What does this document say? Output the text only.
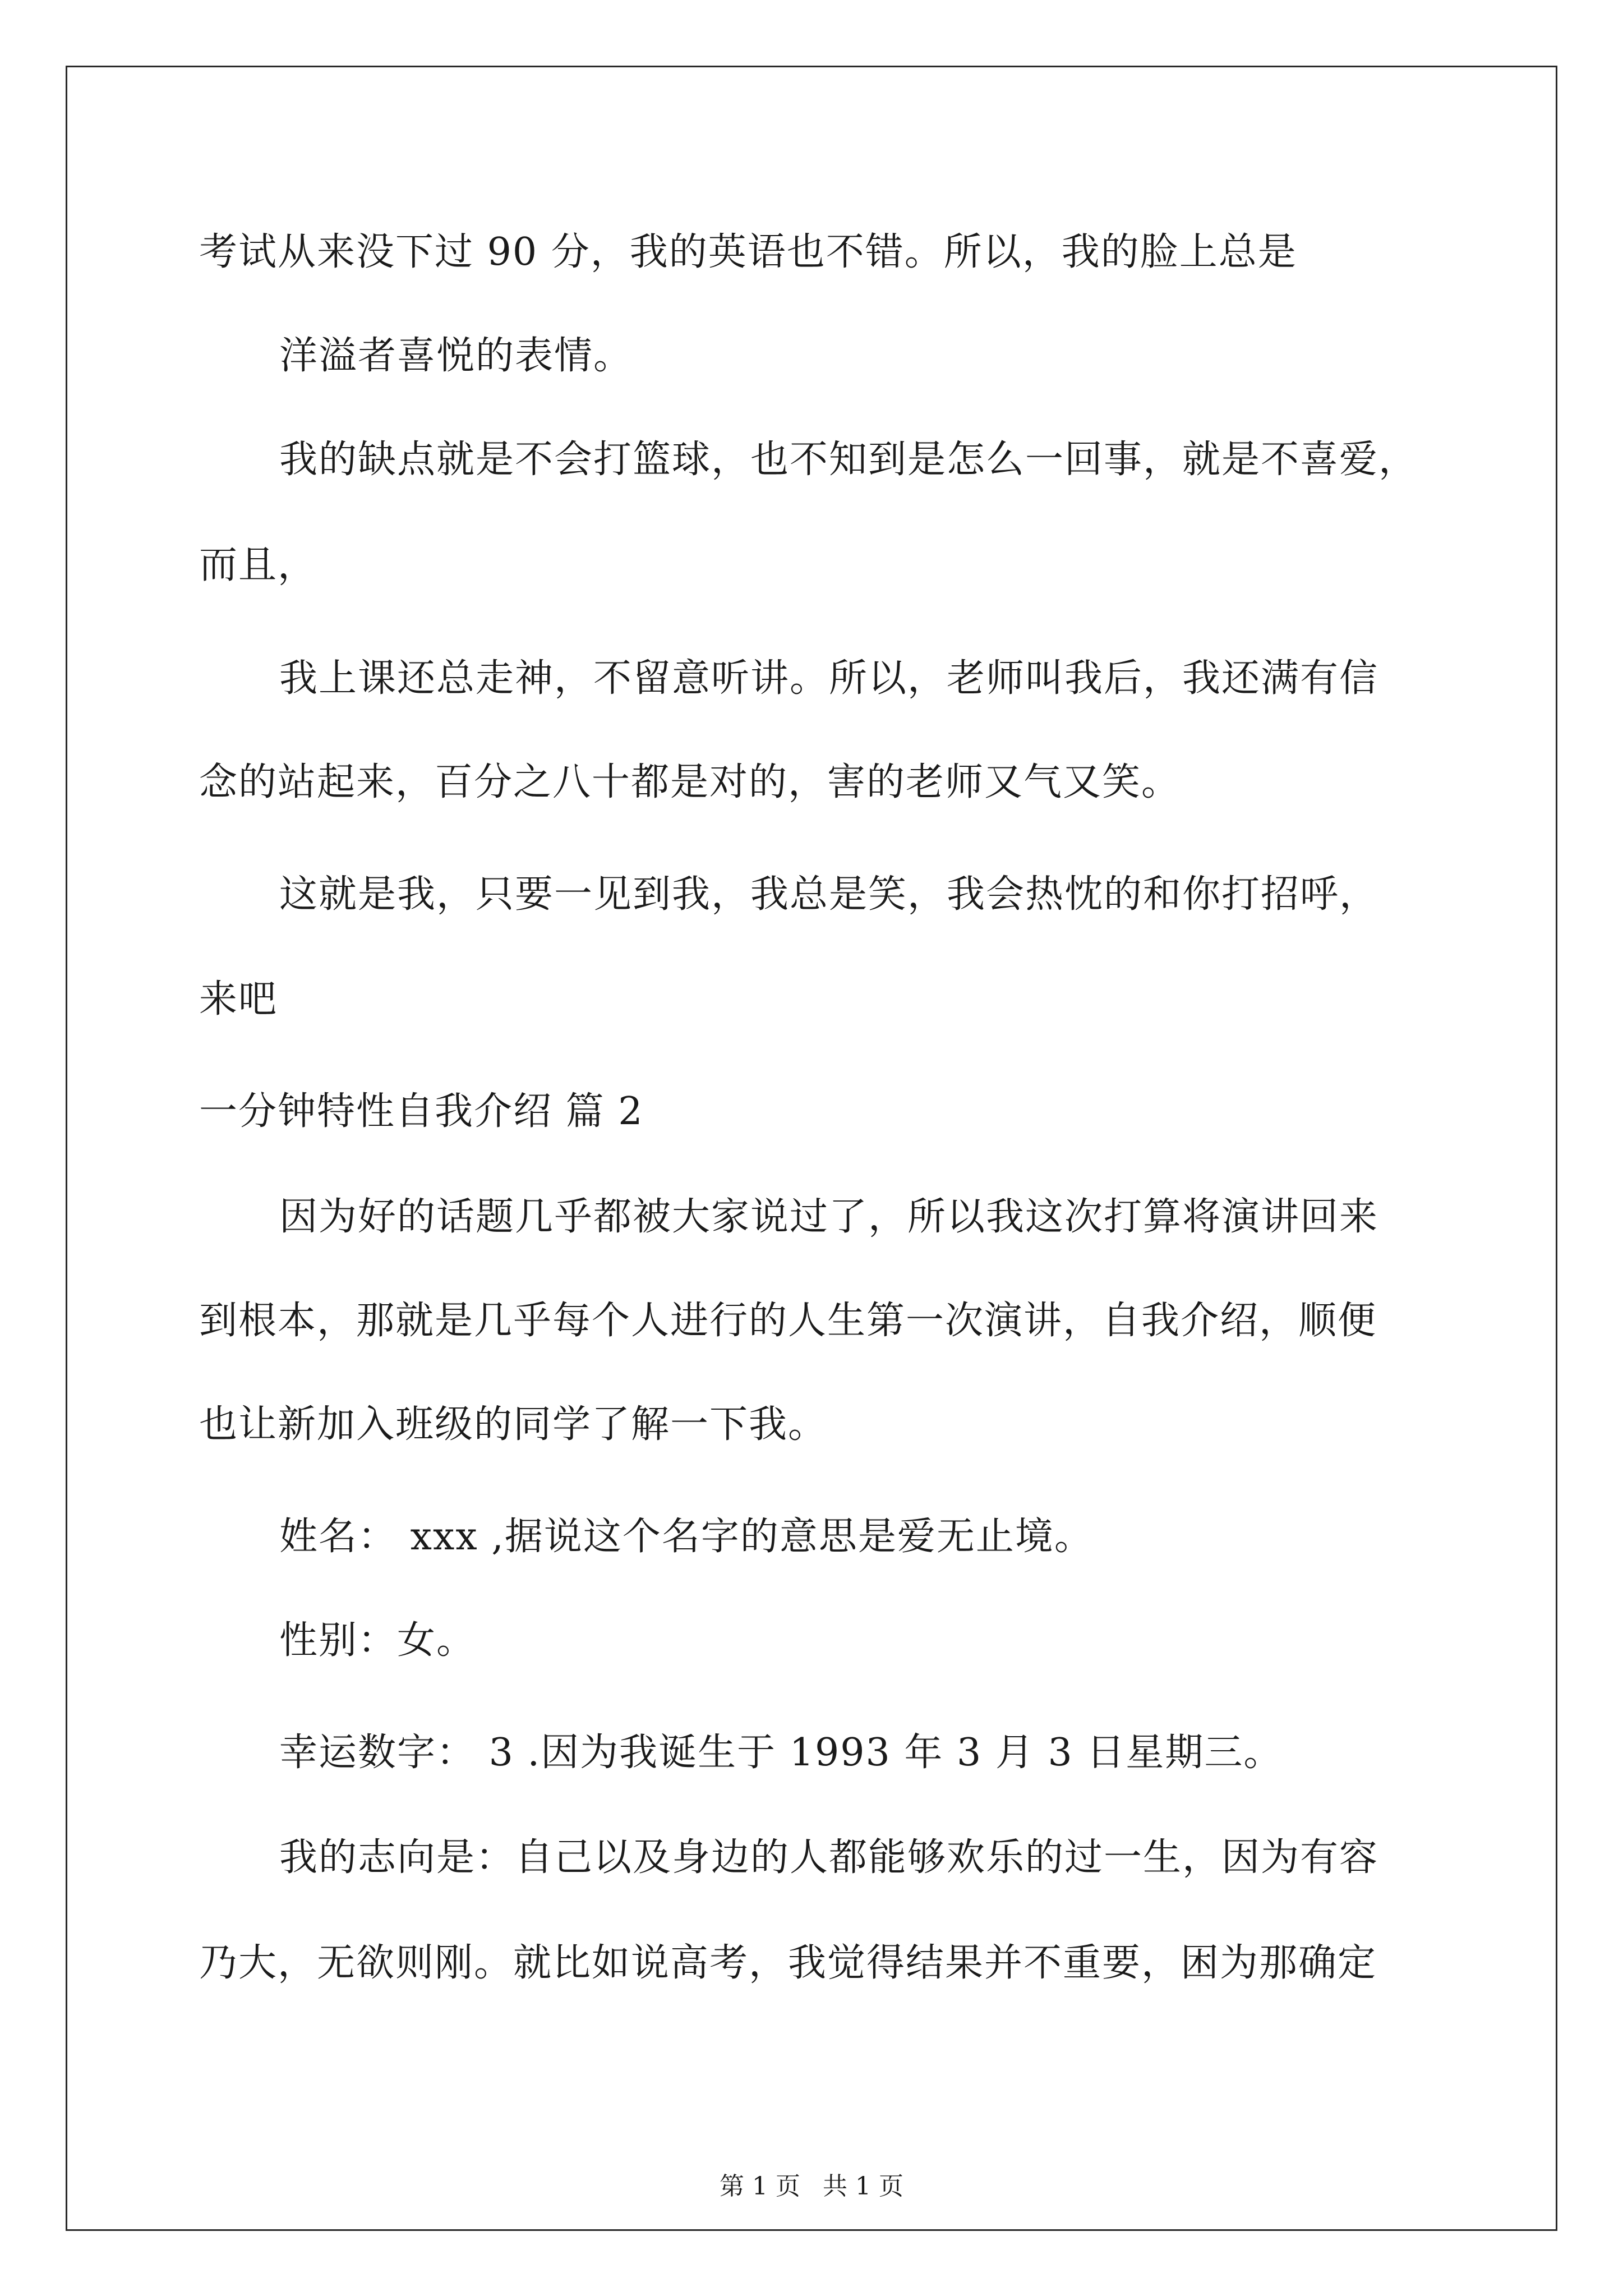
考试从来没下过 90 分，我的英语也不错。所以，我的脸上总是
洋溢者喜悦的表情。
我的缺点就是不会打篮球，也不知到是怎么一回事，就是不喜爱，
而且，
我上课还总走神，不留意听讲。所以，老师叫我后，我还满有信
念的站起来，百分之八十都是对的，害的老师又气又笑。
这就是我，只要一见到我，我总是笑，我会热忱的和你打招呼，
来吧
一分钟特性自我介绍 篇 2
因为好的话题几乎都被大家说过了，所以我这次打算将演讲回来
到根本，那就是几乎每个人进行的人生第一次演讲，自我介绍，顺便
也让新加入班级的同学了解一下我。
姓名： xxx ,据说这个名字的意思是爱无止境。
性别：女。
幸运数字： 3 .因为我诞生于 1993 年 3 月 3 日星期三。
我的志向是：自己以及身边的人都能够欢乐的过一生，因为有容
乃大，无欲则刚。就比如说高考，我觉得结果并不重要，困为那确定
第 1 页 共 1 页
